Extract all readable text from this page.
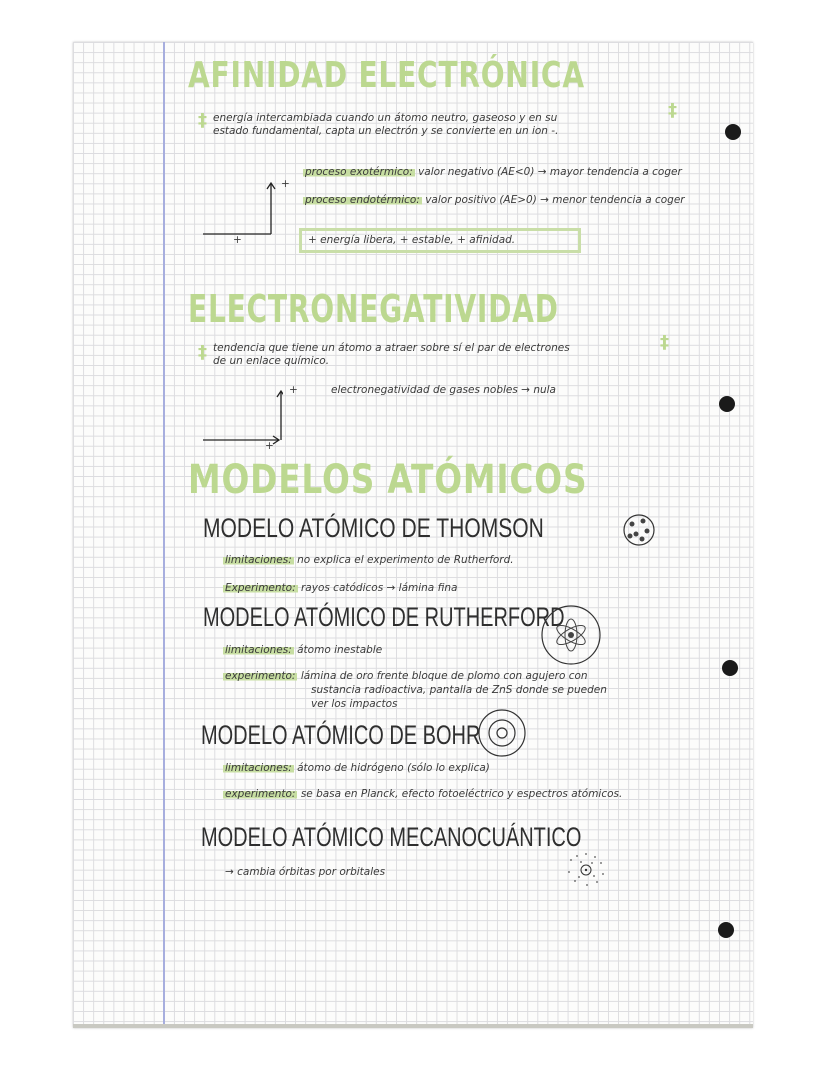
AFINIDAD ELECTRÓNICA
‡ energía intercambiada cuando un átomo neutro, gaseoso y en su
estado fundamental, capta un electrón y se convierte en un ion -.
‡
+
+
proceso exotérmico: valor negativo (AE<0) → mayor tendencia a coger
proceso endotérmico: valor positivo (AE>0) → menor tendencia a coger
+ energía libera, + estable, + afinidad.
ELECTRONEGATIVIDAD
‡ tendencia que tiene un átomo a atraer sobre sí el par de electrones
de un enlace químico.
‡
+
+
electronegatividad de gases nobles → nula
MODELOS ATÓMICOS
MODELO ATÓMICO DE THOMSON
limitaciones: no explica el experimento de Rutherford.
Experimento: rayos catódicos → lámina fina
MODELO ATÓMICO DE RUTHERFORD
limitaciones: átomo inestable
experimento: lámina de oro frente bloque de plomo con agujero con
sustancia radioactiva, pantalla de ZnS donde se pueden
ver los impactos
MODELO ATÓMICO DE BOHR
limitaciones: átomo de hidrógeno (sólo lo explica)
experimento: se basa en Planck, efecto fotoeléctrico y espectros atómicos.
MODELO ATÓMICO MECANOCUÁNTICO
→ cambia órbitas por orbitales
